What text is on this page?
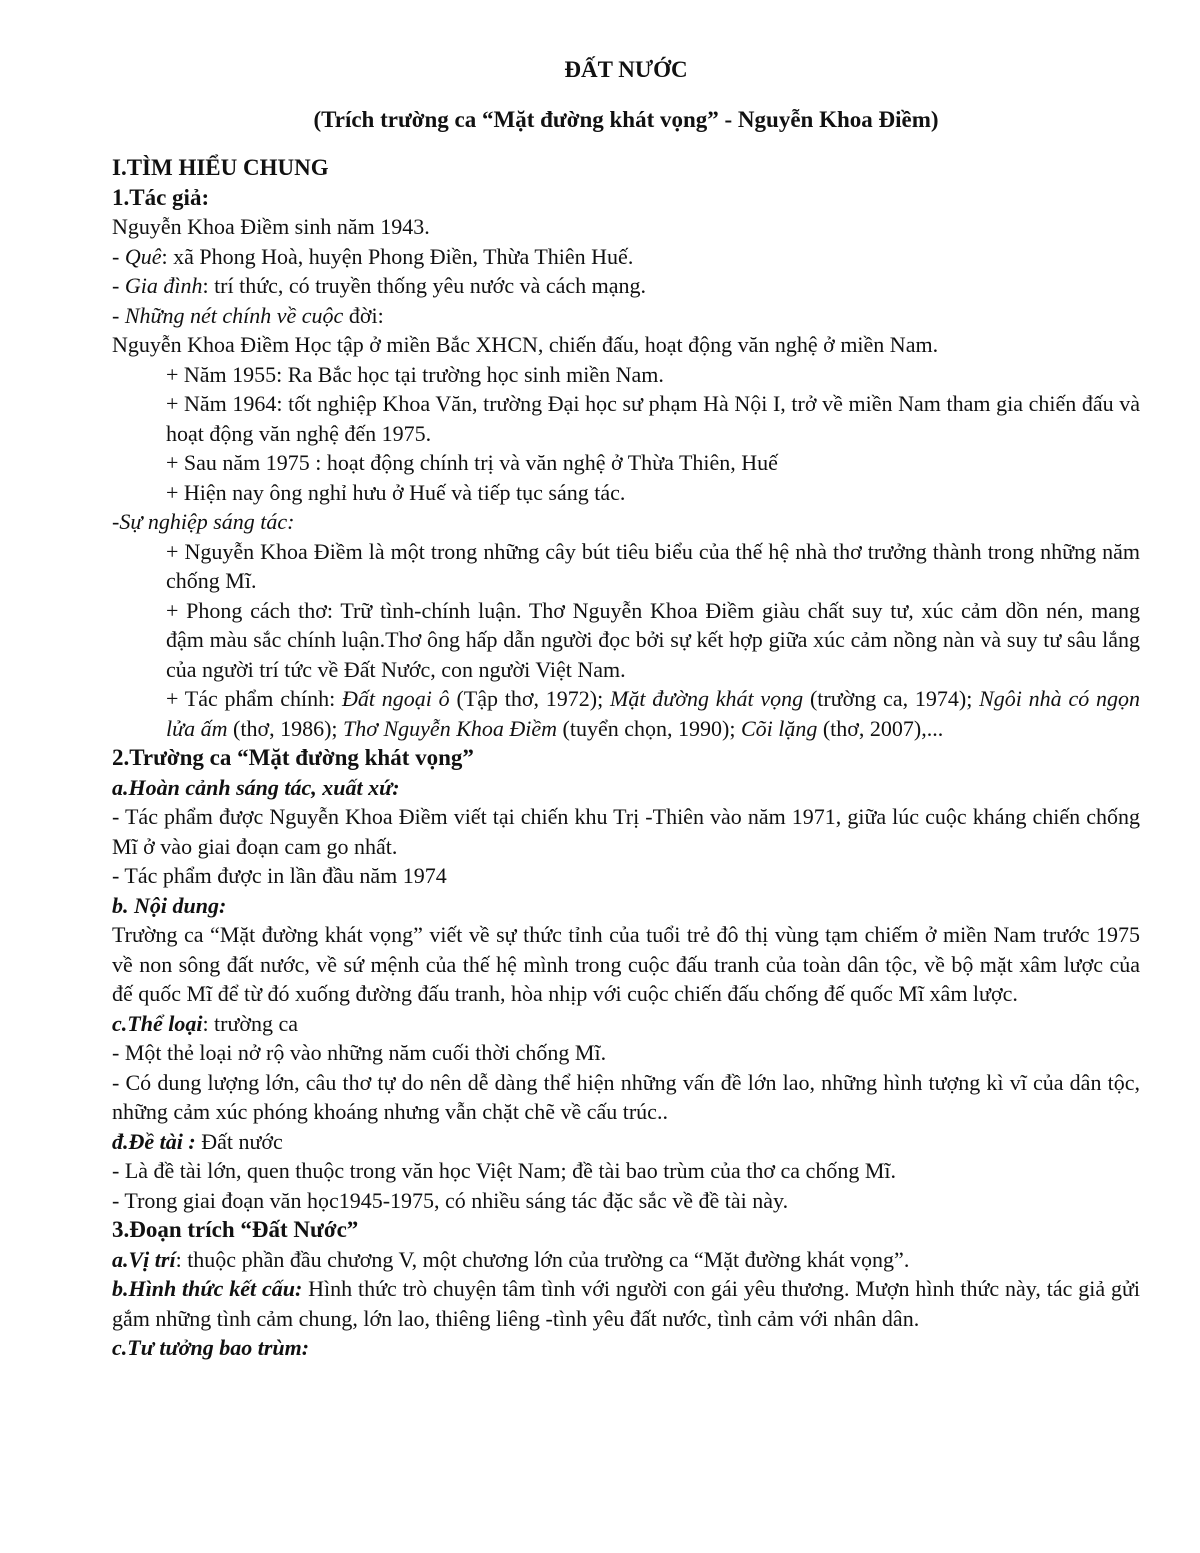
ĐẤT NƯỚC

(Trích trường ca “Mặt đường khát vọng” - Nguyễn Khoa Điềm)

I.TÌM HIỂU CHUNG
1.Tác giả:

Nguyễn Khoa Điềm sinh năm 1943.

- Quê: xã Phong Hoà, huyện Phong Điền, Thừa Thiên Huế.

- Gia đình: trí thức, có truyền thống yêu nước và cách mạng.

- Những nét chính về cuộc đời:

Nguyễn Khoa Điềm Học tập ở miền Bắc XHCN, chiến đấu, hoạt động văn nghệ ở miền Nam.

+ Năm 1955: Ra Bắc học tại trường học sinh miền Nam.

+ Năm 1964: tốt nghiệp Khoa Văn, trường Đại học sư phạm Hà Nội I, trở về miền Nam tham gia chiến đấu và hoạt động văn nghệ đến 1975.

+ Sau năm 1975 : hoạt động chính trị và văn nghệ ở Thừa Thiên, Huế

+ Hiện nay ông nghỉ hưu ở Huế và tiếp tục sáng tác.

-Sự nghiệp sáng tác:

+ Nguyễn Khoa Điềm là một trong những cây bút tiêu biểu của thế hệ nhà thơ trưởng thành trong những năm chống Mĩ.

+ Phong cách thơ: Trữ tình-chính luận. Thơ Nguyễn Khoa Điềm giàu chất suy tư, xúc cảm dồn nén, mang đậm màu sắc chính luận.Thơ ông hấp dẫn người đọc bởi sự kết hợp giữa xúc cảm nồng nàn và suy tư sâu lắng của người trí tức về Đất Nước, con người Việt Nam.

+ Tác phẩm chính: Đất ngoại ô (Tập thơ, 1972); Mặt đường khát vọng (trường ca, 1974); Ngôi nhà có ngọn lửa ấm (thơ, 1986); Thơ Nguyễn Khoa Điềm (tuyển chọn, 1990); Cõi lặng (thơ, 2007),...

2.Trường ca “Mặt đường khát vọng”

a.Hoàn cảnh sáng tác, xuất xứ:

- Tác phẩm được Nguyễn Khoa Điềm viết tại chiến khu Trị -Thiên vào năm 1971, giữa lúc cuộc kháng chiến chống Mĩ ở vào giai đoạn cam go nhất.

- Tác phẩm được in lần đầu năm 1974

b. Nội dung:

Trường ca “Mặt đường khát vọng” viết về sự thức tỉnh của tuổi trẻ đô thị vùng tạm chiếm ở miền Nam trước 1975 về non sông đất nước, về sứ mệnh của thế hệ mình trong cuộc đấu tranh của toàn dân tộc, về bộ mặt xâm lược của đế quốc Mĩ để từ đó xuống đường đấu tranh, hòa nhịp với cuộc chiến đấu chống đế quốc Mĩ xâm lược.

c.Thể loại: trường ca

- Một thẻ loại nở rộ vào những năm cuối thời chống Mĩ.

- Có dung lượng lớn, câu thơ tự do nên dễ dàng thể hiện những vấn đề lớn lao, những hình tượng kì vĩ của dân tộc, những cảm xúc phóng khoáng nhưng vẫn chặt chẽ về cấu trúc..

đ.Đề tài : Đất nước

- Là đề tài lớn, quen thuộc trong văn học Việt Nam; đề tài bao trùm của thơ ca chống Mĩ.

- Trong giai đoạn văn học1945-1975, có nhiều sáng tác đặc sắc về đề tài này.

3.Đoạn trích “Đất Nước”

a.Vị trí: thuộc phần đầu chương V, một chương lớn của trường ca “Mặt đường khát vọng”.

b.Hình thức kết cấu: Hình thức trò chuyện tâm tình với người con gái yêu thương. Mượn hình thức này, tác giả gửi gắm những tình cảm chung, lớn lao, thiêng liêng -tình yêu đất nước, tình cảm với nhân dân.

c.Tư tưởng bao trùm:
